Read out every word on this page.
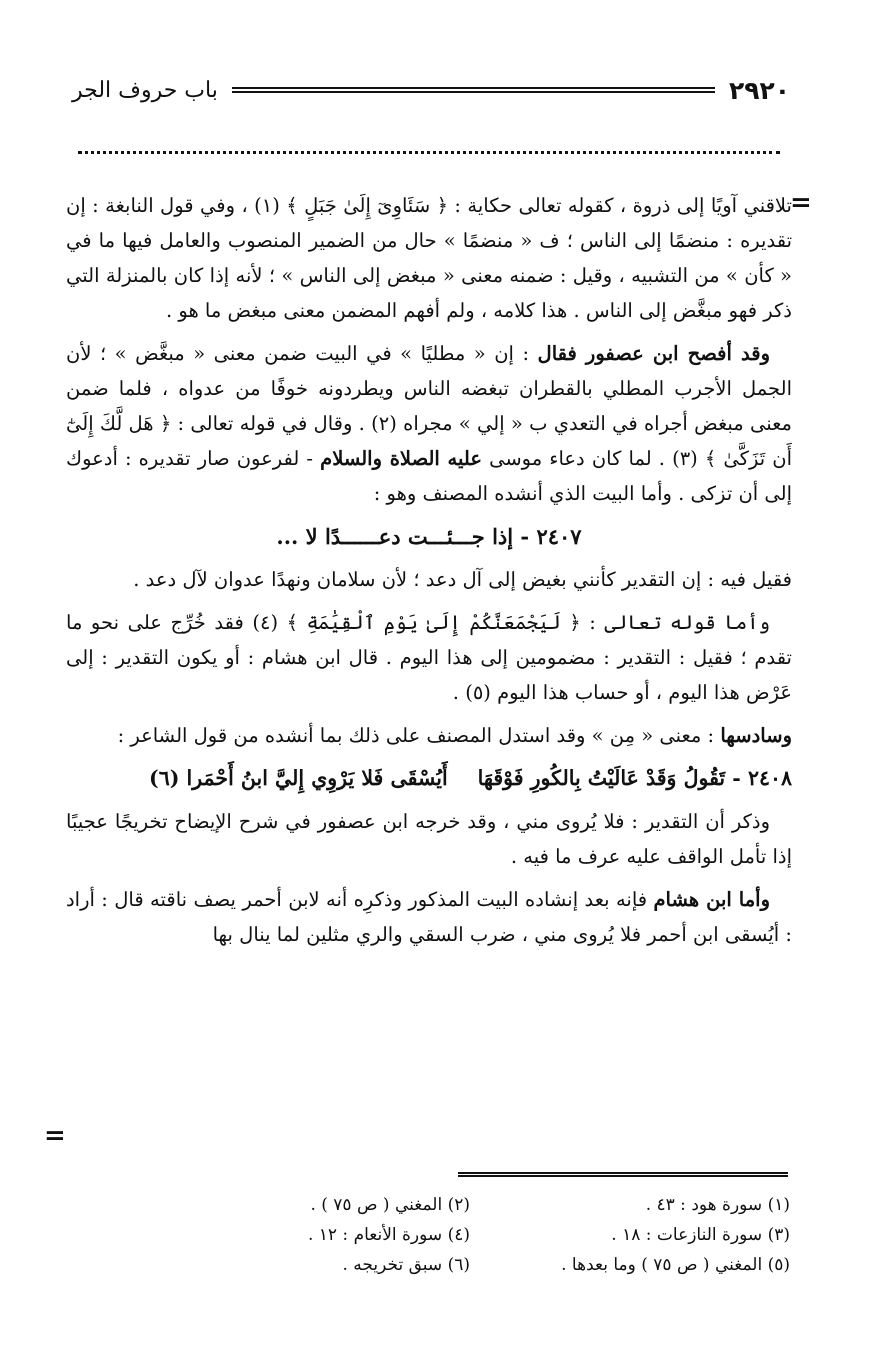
٢٩٢٠
باب حروف الجر
=

تلاقني آويًا إلى ذروة ، كقوله تعالى حكاية : ﴿ سَئَاوِىٓ إِلَىٰ جَبَلٍ ﴾ (١) ، وفي قول النابغة : إن تقديره : منضمًا إلى الناس ؛ ف « منضمًا » حال من الضمير المنصوب والعامل فيها ما في « كأن » من التشبيه ، وقيل : ضمنه معنى « مبغض إلى الناس » ؛ لأنه إذا كان بالمنزلة التي ذكر فهو مبغَّض إلى الناس . هذا كلامه ، ولم أفهم المضمن معنى مبغض ما هو .

وقد أفصح ابن عصفور فقال : إن « مطليًا » في البيت ضمن معنى « مبغَّض » ؛ لأن الجمل الأجرب المطلي بالقطران تبغضه الناس ويطردونه خوفًا من عدواه ، فلما ضمن معنى مبغض أجراه في التعدي ب « إلي » مجراه (٢) . وقال في قوله تعالى : ﴿ هَل لَّكَ إِلَىٰٓ أَن تَزَكَّىٰ ﴾ (٣) . لما كان دعاء موسى عليه الصلاة والسلام - لفرعون صار تقديره : أدعوك إلى أن تزكى . وأما البيت الذي أنشده المصنف وهو :

٢٤٠٧ - إذا جـــئـــت دعــــــدًا لا ...

فقيل فيه : إن التقدير كأنني بغيض إلى آل دعد ؛ لأن سلامان ونهدًا عدوان لآل دعد .

وأما قوله تعالى : ﴿ لَيَجْمَعَنَّكُمْ إِلَىٰ يَوْمِ ٱلْقِيَٰمَةِ ﴾ (٤) فقد خُرِّج على نحو ما تقدم ؛ فقيل : التقدير : مضمومين إلى هذا اليوم . قال ابن هشام : أو يكون التقدير : إلى عَرْض هذا اليوم ، أو حساب هذا اليوم (٥) .

وسادسها : معنى « مِن » وقد استدل المصنف على ذلك بما أنشده من قول الشاعر :

٢٤٠٨ - تَقُولُ وَقَدْ عَالَيْتُ بِالكُورِ فَوْقَهَا
أَيُسْقَى فَلا يَرْوِي إِليَّ ابنُ أَحْمَرا (٦)

وذكر أن التقدير : فلا يُروى مني ، وقد خرجه ابن عصفور في شرح الإيضاح تخريجًا عجيبًا إذا تأمل الواقف عليه عرف ما فيه .

وأما ابن هشام فإنه بعد إنشاده البيت المذكور وذكرِه أنه لابن أحمر يصف ناقته قال : أراد : أيُسقى ابن أحمر فلا يُروى مني ، ضرب السقي والري مثلين لما ينال بها

=
(١) سورة هود : ٤٣ .
(٢) المغني ( ص ٧٥ ) .
(٣) سورة النازعات : ١٨ .
(٤) سورة الأنعام : ١٢ .
(٥) المغني ( ص ٧٥ ) وما بعدها .
(٦) سبق تخريجه .
